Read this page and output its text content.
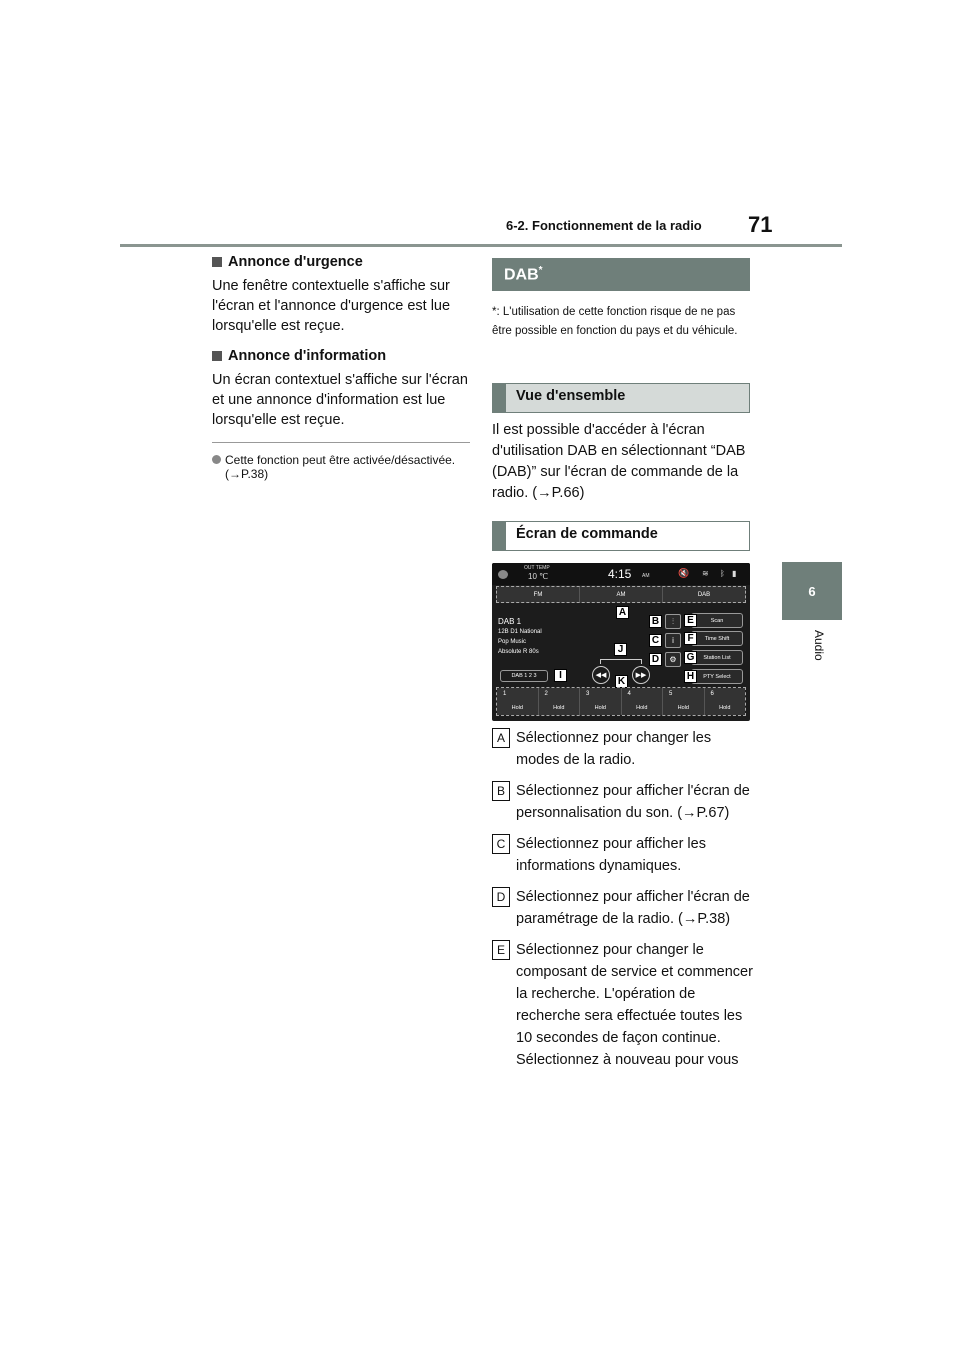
6-2. Fonctionnement de la radio 71
6
Audio
Annonce d'urgence

Une fenêtre contextuelle s'affiche sur l'écran et l'annonce d'urgence est lue lorsqu'elle est reçue.

Annonce d'information

Un écran contextuel s'affiche sur l'écran et une annonce d'information est lue lorsqu'elle est reçue.

Cette fonction peut être activée/désactivée. (→P.38)
DAB*
*: L'utilisation de cette fonction risque de ne pas être possible en fonction du pays et du véhicule.
Vue d'ensemble

Il est possible d'accéder à l'écran d'utilisation DAB en sélectionnant “DAB (DAB)” sur l'écran de commande de la radio. (→P.66)

Écran de commande
OUT TEMP
10 ℃	4:15 AM	🔇 ≋ ᛒ ▮
FM	AM	DAB
DAB 1
12B D1 National
Pop Music
Absolute R 80s
A
⫶
i
⚙
B
C
D
Scan
Time Shift
Station List
PTY Select
E
F
G
H
J
◀◀	▶▶
K
DAB 1 2 3	I
1
Hold
2
Hold
3
Hold
4
Hold
5
Hold
6
Hold
A Sélectionnez pour changer les modes de la radio.
B Sélectionnez pour afficher l'écran de personnalisation du son. (→P.67)
C Sélectionnez pour afficher les informations dynamiques.
D Sélectionnez pour afficher l'écran de paramétrage de la radio. (→P.38)
E Sélectionnez pour changer le composant de service et commencer la recherche. L'opération de recherche sera effectuée toutes les 10 secondes de façon continue. Sélectionnez à nouveau pour vous
